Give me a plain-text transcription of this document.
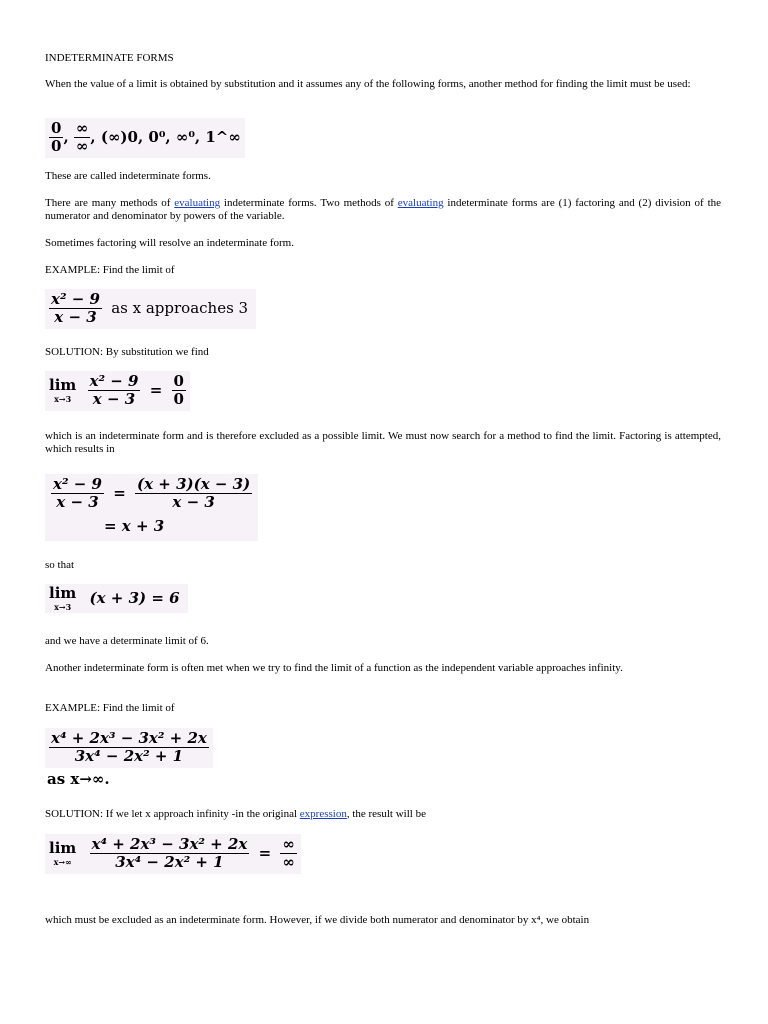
INDETERMINATE FORMS

When the value of a limit is obtained by substitution and it assumes any of the following forms, another method for finding the limit must be used:

$\frac{0}{0}$ , $\frac{\infty}{\infty}$ , (∞)0, 0⁰, ∞⁰, 1^∞

These are called indeterminate forms.

There are many methods of evaluating indeterminate forms. Two methods of evaluating indeterminate forms are (1) factoring and (2) division of the numerator and denominator by powers of the variable.

Sometimes factoring will resolve an indeterminate form.

EXAMPLE: Find the limit of

$\frac{\text{x² − 9}}{x - 3}$ as x approaches 3

SOLUTION: By substitution we find

lim
x→3
	$\frac{\text{x² − 9}}{x - 3} = \frac{0}{0}$

which is an indeterminate form and is therefore excluded as a possible limit. We must now search for a method to find the limit. Factoring is attempted, which results in

$\frac{\text{x² − 9}}{x - 3} = \frac{(x + 3)(x - 3)}{x - 3}$
= x + 3

so that

lim
x→3	(x + 3) = 6

and we have a determinate limit of 6.

Another indeterminate form is often met when we try to find the limit of a function as the independent variable approaches infinity.

EXAMPLE: Find the limit of

$\frac{\text{x⁴ + 2x³ − 3x² + 2x}}{\text{3x⁴ − 2x² + 1}}$
as x→∞.

SOLUTION: If we let x approach infinity -in the original expression, the result will be

lim
x→∞
	$\frac{\text{x⁴ + 2x³ − 3x² + 2x}}{\text{3x⁴ − 2x² + 1}} = \frac{\infty}{\infty}$

which must be excluded as an indeterminate form. However, if we divide both numerator and denominator by x⁴, we obtain
